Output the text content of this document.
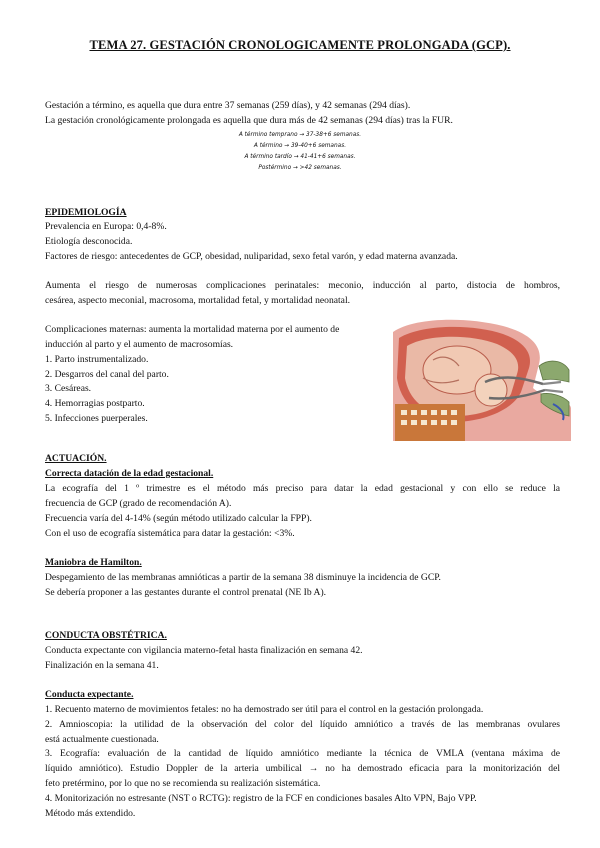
TEMA 27. GESTACIÓN CRONOLOGICAMENTE PROLONGADA (GCP).
Gestación a término, es aquella que dura entre 37 semanas (259 días), y 42 semanas (294 días).
La gestación cronológicamente prolongada es aquella que dura más de 42 semanas (294 días) tras la FUR.
A término temprano → 37-38+6 semanas.
A término → 39-40+6 semanas.
A término tardío → 41-41+6 semanas.
Postérmino → >42 semanas.
EPIDEMIOLOGÍA
Prevalencia en Europa: 0,4-8%.
Etiología desconocida.
Factores de riesgo: antecedentes de GCP, obesidad, nuliparidad, sexo fetal varón, y edad materna avanzada.
Aumenta el riesgo de numerosas complicaciones perinatales: meconio, inducción al parto, distocia de hombros,
cesárea, aspecto meconial, macrosoma, mortalidad fetal, y mortalidad neonatal.
Complicaciones maternas: aumenta la mortalidad materna por el aumento de
inducción al parto y el aumento de macrosomías.
1. Parto instrumentalizado.
2. Desgarros del canal del parto.
3. Cesáreas.
4. Hemorragias postparto.
5. Infecciones puerperales.
ACTUACIÓN.
Correcta datación de la edad gestacional.
La ecografía del 1 º trimestre es el método más preciso para datar la edad gestacional y con ello se reduce la
frecuencia de GCP (grado de recomendación A).
Frecuencia varía del 4-14% (según método utilizado calcular la FPP).
Con el uso de ecografía sistemática para datar la gestación: <3%.
Maniobra de Hamilton.
Despegamiento de las membranas amnióticas a partir de la semana 38 disminuye la incidencia de GCP.
Se debería proponer a las gestantes durante el control prenatal (NE Ib A).
CONDUCTA OBSTÉTRICA.
Conducta expectante con vigilancia materno-fetal hasta finalización en semana 42.
Finalización en la semana 41.
Conducta expectante.
1. Recuento materno de movimientos fetales: no ha demostrado ser útil para el control en la gestación prolongada.
2. Amnioscopia: la utilidad de la observación del color del líquido amniótico a través de las membranas ovulares
está actualmente cuestionada.
3. Ecografía: evaluación de la cantidad de líquido amniótico mediante la técnica de VMLA (ventana máxima de
líquido amniótico). Estudio Doppler de la arteria umbilical → no ha demostrado eficacia para la monitorización del
feto pretérmino, por lo que no se recomienda su realización sistemática.
4. Monitorización no estresante (NST o RCTG): registro de la FCF en condiciones basales Alto VPN, Bajo VPP.
Método más extendido.
